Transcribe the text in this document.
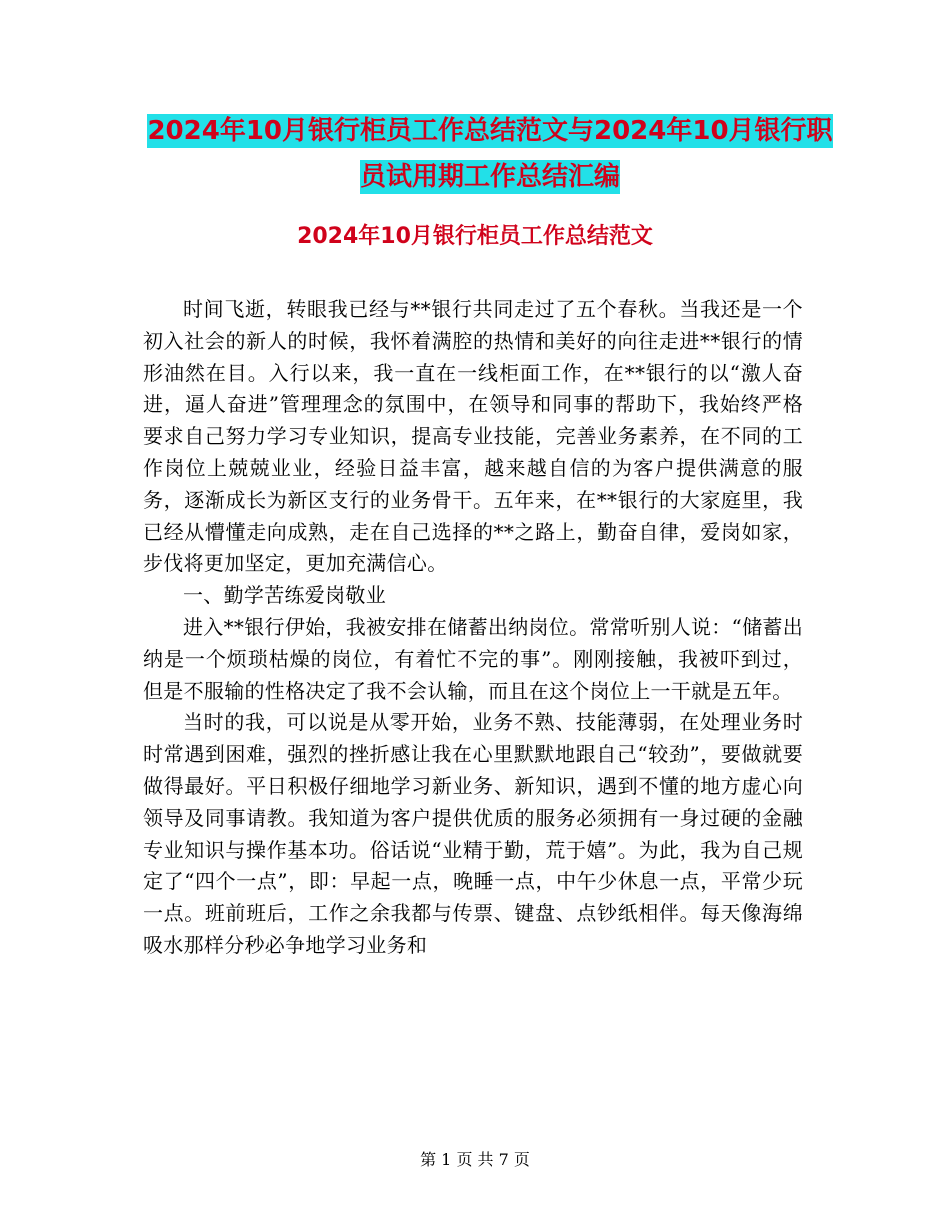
2024年10月银行柜员工作总结范文与2024年10月银行职员试用期工作总结汇编
2024年10月银行柜员工作总结范文

时间飞逝，转眼我已经与**银行共同走过了五个春秋。当我还是一个初入社会的新人的时候，我怀着满腔的热情和美好的向往走进**银行的情形油然在目。入行以来，我一直在一线柜面工作，在**银行的以“激人奋进，逼人奋进”管理理念的氛围中，在领导和同事的帮助下，我始终严格要求自己努力学习专业知识，提高专业技能，完善业务素养，在不同的工作岗位上兢兢业业，经验日益丰富，越来越自信的为客户提供满意的服务，逐渐成长为新区支行的业务骨干。五年来，在**银行的大家庭里，我已经从懵懂走向成熟，走在自己选择的**之路上，勤奋自律，爱岗如家，步伐将更加坚定，更加充满信心。

一、勤学苦练爱岗敬业

进入**银行伊始，我被安排在储蓄出纳岗位。常常听别人说：“储蓄出纳是一个烦琐枯燥的岗位，有着忙不完的事”。刚刚接触，我被吓到过，但是不服输的性格决定了我不会认输，而且在这个岗位上一干就是五年。

当时的我，可以说是从零开始，业务不熟、技能薄弱，在处理业务时时常遇到困难，强烈的挫折感让我在心里默默地跟自己“较劲”，要做就要做得最好。平日积极仔细地学习新业务、新知识，遇到不懂的地方虚心向领导及同事请教。我知道为客户提供优质的服务必须拥有一身过硬的金融专业知识与操作基本功。俗话说“业精于勤，荒于嬉”。为此，我为自己规定了“四个一点”，即：早起一点，晚睡一点，中午少休息一点，平常少玩一点。班前班后，工作之余我都与传票、键盘、点钞纸相伴。每天像海绵吸水那样分秒必争地学习业务和

第 1 页 共 7 页
